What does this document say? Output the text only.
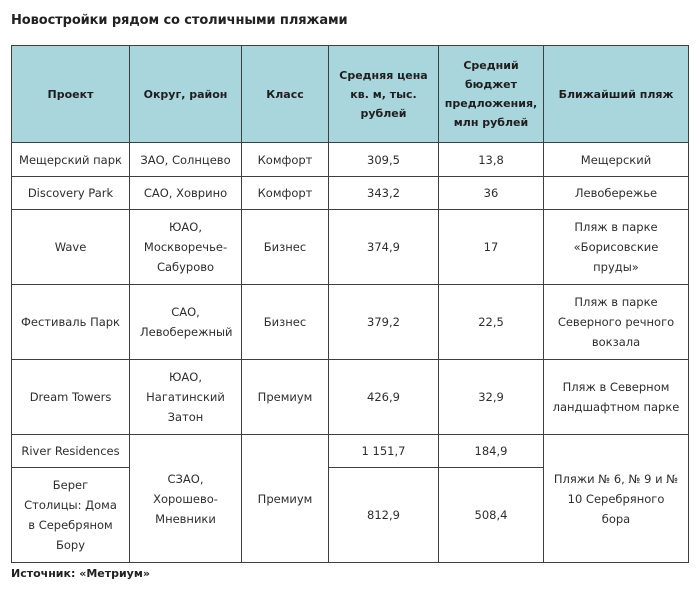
Новостройки рядом со столичными пляжами
Проект	Округ, район	Класс	Средняя цена кв. м, тыс. рублей	Средний бюджет предложения, млн рублей	Ближайший пляж
Мещерский парк	ЗАО, Солнцево	Комфорт	309,5	13,8	Мещерский
Discovery Park	САО, Ховрино	Комфорт	343,2	36	Левобережье
Wave	ЮАО, Москворечье-Сабурово	Бизнес	374,9	17	Пляж в парке «Борисовские пруды»
Фестиваль Парк	САО, Левобережный	Бизнес	379,2	22,5	Пляж в парке Северного речного вокзала
Dream Towers	ЮАО, Нагатинский Затон	Премиум	426,9	32,9	Пляж в Северном ландшафтном парке
River Residences	СЗАО, Хорошево-Мневники	Премиум	1 151,7	184,9	Пляжи № 6, № 9 и № 10 Серебряного бора
Берег Столицы: Дома в Серебряном Бору			812,9	508,4	
Источник: «Метриум»
